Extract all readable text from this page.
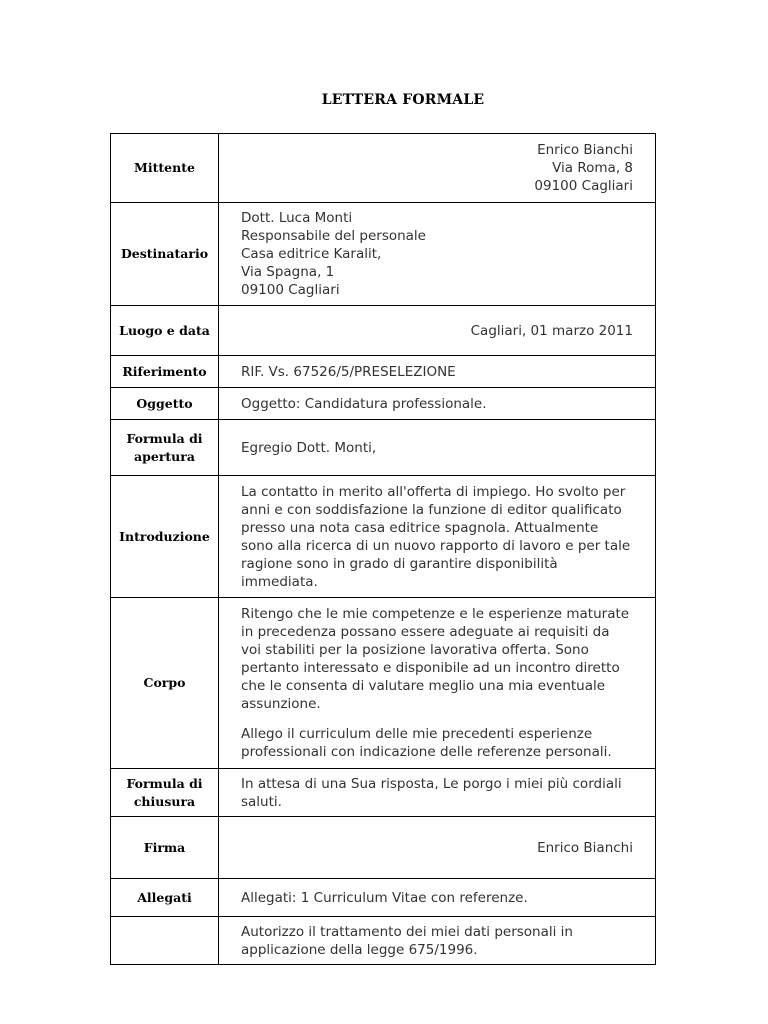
LETTERA FORMALE
Mittente	Enrico Bianchi
Via Roma, 8
09100 Cagliari

Destinatario	Dott. Luca Monti
Responsabile del personale
Casa editrice Karalit,
Via Spagna, 1
09100 Cagliari

Luogo e data	Cagliari, 01 marzo 2011
Riferimento	RIF. Vs. 67526/5/PRESELEZIONE
Oggetto	Oggetto: Candidatura professionale.
Formula di apertura	Egregio Dott. Monti,
Introduzione	La contatto in merito all'offerta di impiego. Ho svolto per anni e con soddisfazione la funzione di editor qualificato presso una nota casa editrice spagnola. Attualmente sono alla ricerca di un nuovo rapporto di lavoro e per tale ragione sono in grado di garantire disponibilità immediata.
Corpo	Ritengo che le mie competenze e le esperienze maturate in precedenza possano essere adeguate ai requisiti da voi stabiliti per la posizione lavorativa offerta. Sono pertanto interessato e disponibile ad un incontro diretto che le consenta di valutare meglio una mia eventuale assunzione.
Allego il curriculum delle mie precedenti esperienze professionali con indicazione delle referenze personali.

Formula di chiusura	In attesa di una Sua risposta, Le porgo i miei più cordiali saluti.
Firma	Enrico Bianchi
Allegati	Allegati: 1 Curriculum Vitae con referenze.
	Autorizzo il trattamento dei miei dati personali in applicazione della legge 675/1996.
